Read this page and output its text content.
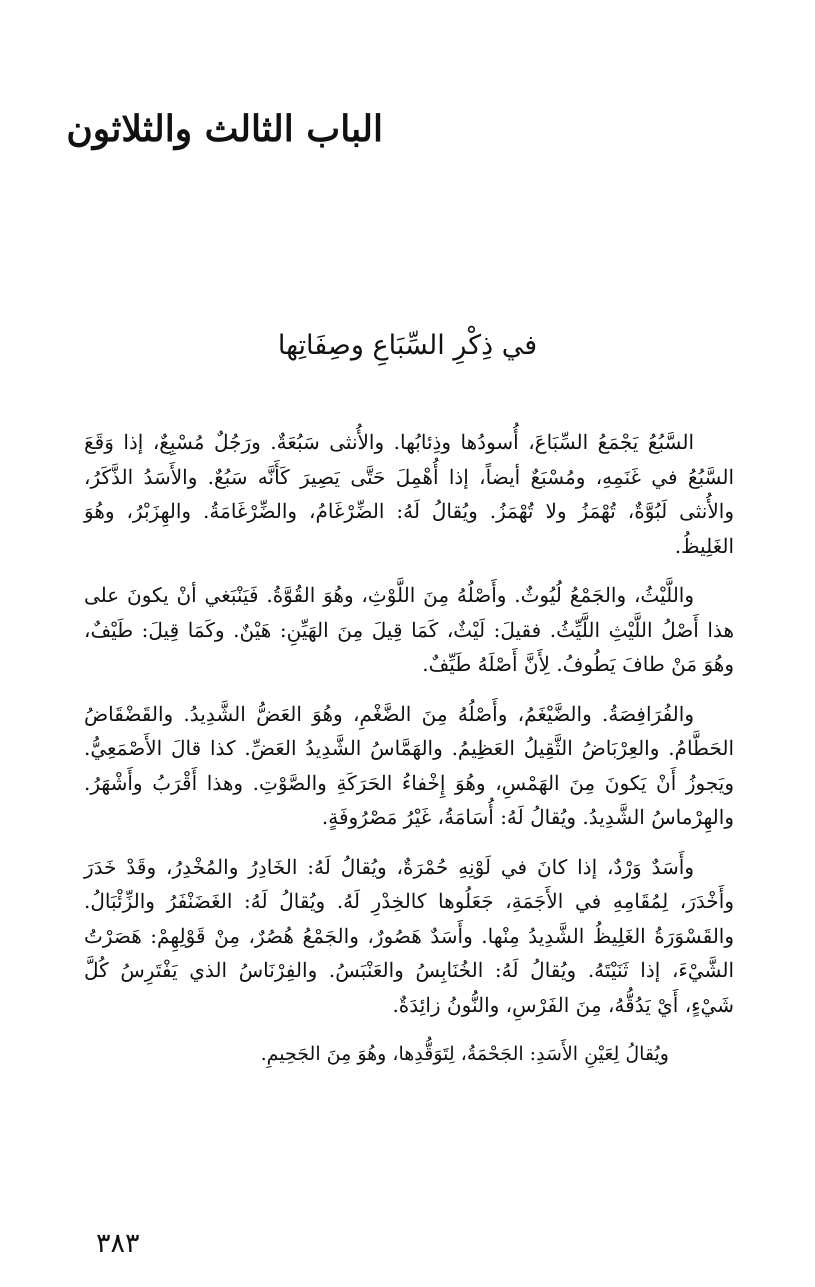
الباب الثالث والثلاثون
في ذِكْرِ السِّبَاعِ وصِفَاتِها

السَّبُعُ يَجْمَعُ السِّبَاعَ، أُسودُها وذِئابُها. والأُنثى سَبُعَةٌ. ورَجُلٌ مُسْبِعٌ، إذا وَقَعَ السَّبُعُ في غَنَمِهِ، ومُسْبَعٌ أيضاً، إذا أُهْمِلَ حَتَّى يَصِيرَ كَأَنَّه سَبُعٌ. والأَسَدُ الذَّكَرُ، والأُنثى لَبُوَّةٌ، تُهْمَزُ ولا تُهْمَزُ. ويُقالُ لَهُ: الضِّرْغَامُ، والضِّرْغَامَةُ. والهِزَبْرُ، وهُوَ الغَلِيظُ.

واللَّيْثُ، والجَمْعُ لُيُوثٌ. وأَصْلُهُ مِنَ اللَّوْثِ، وهُوَ القُوَّةُ. فَيَنْبَغي أنْ يكونَ على هذا أَصْلُ اللَّيْثِ اللَّيِّثُ. فقيلَ: لَيْثٌ، كَمَا قِيلَ مِنَ الهَيِّنِ: هَيْنٌ. وكَمَا قِيلَ: طَيْفٌ، وهُوَ مَنْ طافَ يَطُوفُ. لِأَنَّ أَصْلَهُ طَيِّفٌ.

والفُرَافِصَةُ. والضَّيْغَمُ، وأَصْلُهُ مِنَ الضَّغْمِ، وهُوَ العَضُّ الشَّدِيدُ. والقَضْقَاضُ الحَطَّامُ. والعِرْبَاضُ الثَّقِيلُ العَظِيمُ. والهَمَّاسُ الشَّدِيدُ العَضِّ. كذا قالَ الأَصْمَعِيُّ. ويَجوزُ أَنْ يَكونَ مِنَ الهَمْسِ، وهُوَ إِخْفاءُ الحَرَكَةِ والصَّوْتِ. وهذا أَقْرَبُ وأَشْهَرُ. والهِرْماسُ الشَّدِيدُ. ويُقالُ لَهُ: أُسَامَةُ، غَيْرُ مَصْرُوفَةٍ.

وأَسَدٌ وَرْدٌ، إذا كانَ في لَوْنِهِ حُمْرَةٌ، ويُقالُ لَهُ: الخَادِرُ والمُخْدِرُ، وقَدْ خَدَرَ وأَخْدَرَ، لِمُقَامِهِ في الأَجَمَةِ، جَعَلُوها كالخِدْرِ لَهُ. ويُقالُ لَهُ: الغَضَنْفَرُ والزِّئْبَالُ. والقَسْوَرَةُ الغَلِيظُ الشَّدِيدُ مِنْها. وأَسَدٌ هَصُورٌ، والجَمْعُ هُصُرٌ، مِنْ قَوْلِهِمْ: هَصَرْتُ الشَّيْءَ، إذا ثَنَيْتَهُ. ويُقالُ لَهُ: الخُنَابِسُ والعَنْبَسُ. والفِرْنَاسُ الذي يَفْتَرِسُ كُلَّ شَيْءٍ، أَيْ يَدُقُّهُ، مِنَ الفَرْسِ، والنُّونُ زائِدَةٌ.

ويُقالُ لِعَيْنِ الأَسَدِ: الجَحْمَةُ، لِتَوَقُّدِها، وهُوَ مِنَ الجَحِيمِ.

٣٨٣
